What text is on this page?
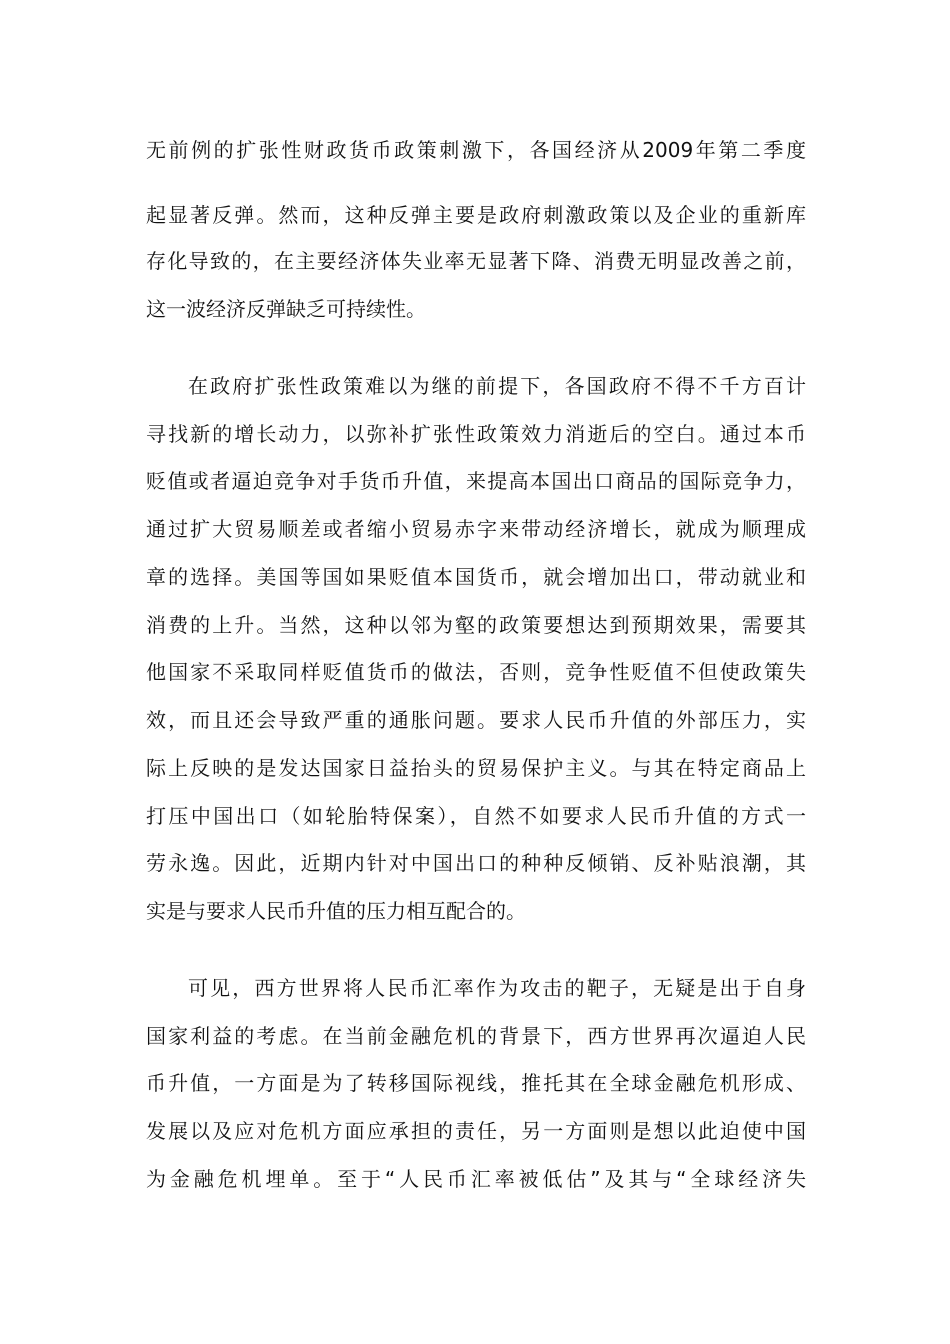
无前例的扩张性财政货币政策刺激下，各国经济从2009年第二季度
起显著反弹。然而，这种反弹主要是政府刺激政策以及企业的重新库
存化导致的，在主要经济体失业率无显著下降、消费无明显改善之前，
这一波经济反弹缺乏可持续性。
在政府扩张性政策难以为继的前提下，各国政府不得不千方百计
寻找新的增长动力，以弥补扩张性政策效力消逝后的空白。通过本币
贬值或者逼迫竞争对手货币升值，来提高本国出口商品的国际竞争力，
通过扩大贸易顺差或者缩小贸易赤字来带动经济增长，就成为顺理成
章的选择。美国等国如果贬值本国货币，就会增加出口，带动就业和
消费的上升。当然，这种以邻为壑的政策要想达到预期效果，需要其
他国家不采取同样贬值货币的做法，否则，竞争性贬值不但使政策失
效，而且还会导致严重的通胀问题。要求人民币升值的外部压力，实
际上反映的是发达国家日益抬头的贸易保护主义。与其在特定商品上
打压中国出口（如轮胎特保案），自然不如要求人民币升值的方式一
劳永逸。因此，近期内针对中国出口的种种反倾销、反补贴浪潮，其
实是与要求人民币升值的压力相互配合的。
可见，西方世界将人民币汇率作为攻击的靶子，无疑是出于自身
国家利益的考虑。在当前金融危机的背景下，西方世界再次逼迫人民
币升值，一方面是为了转移国际视线，推托其在全球金融危机形成、
发展以及应对危机方面应承担的责任，另一方面则是想以此迫使中国
为金融危机埋单。至于“人民币汇率被低估”及其与“全球经济失
